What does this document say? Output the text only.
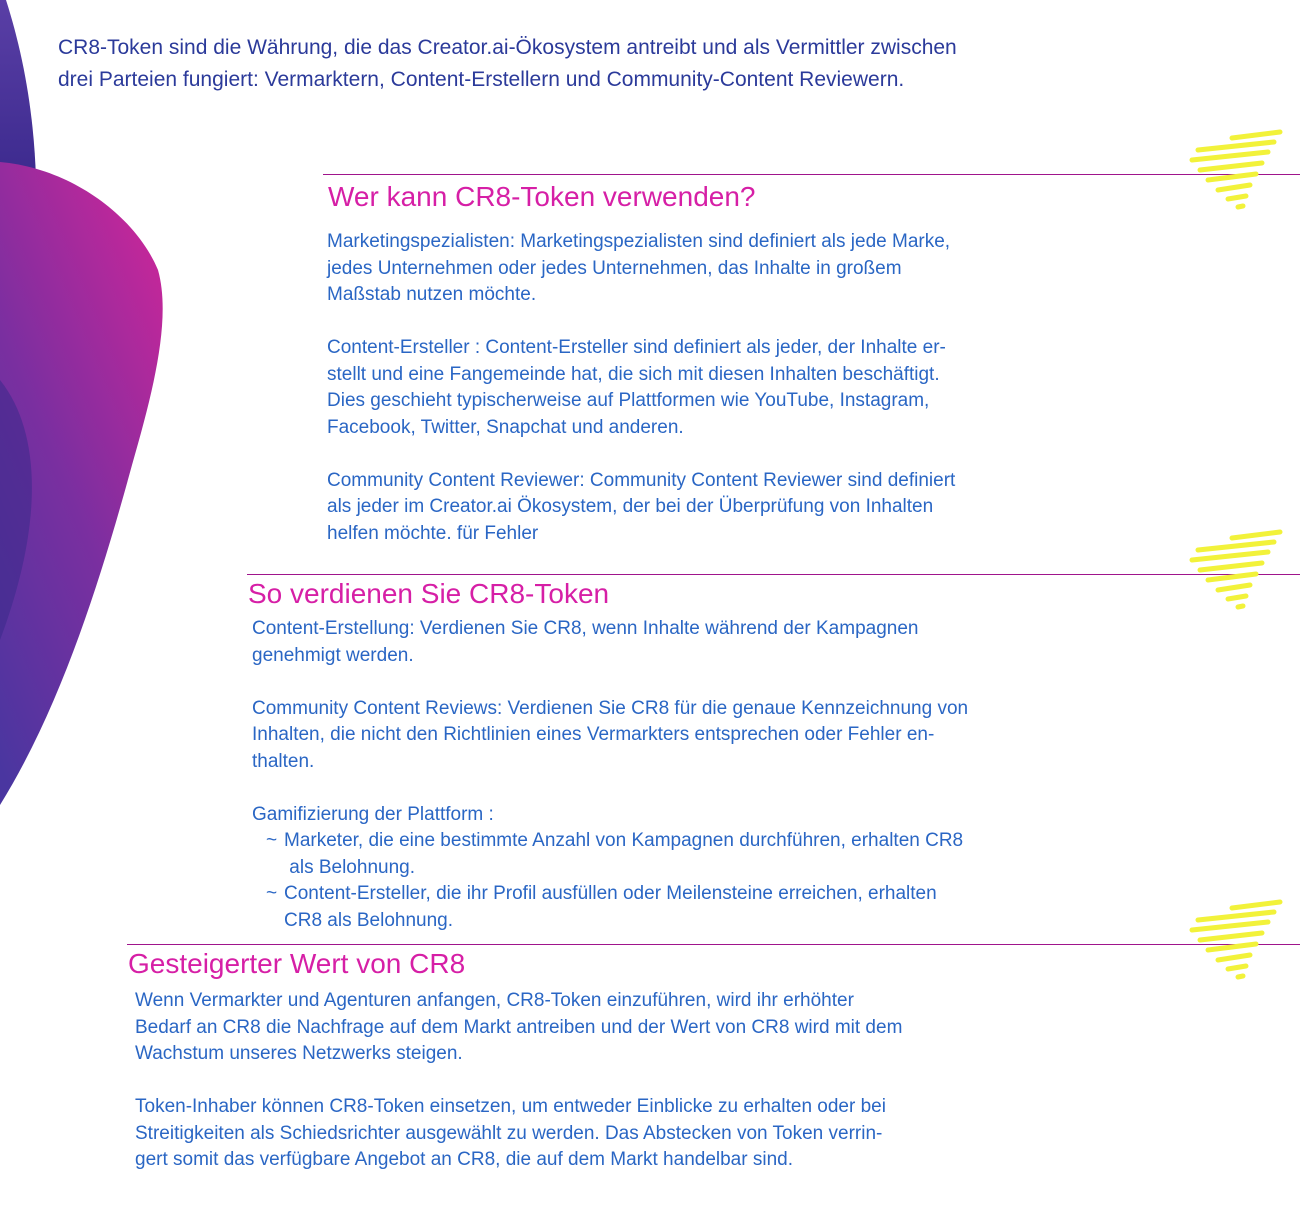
CR8-Token sind die Währung, die das Creator.ai-Ökosystem antreibt und als Vermittler zwischen

drei Parteien fungiert: Vermarktern, Content-Erstellern und Community-Content Reviewern.

Wer kann CR8-Token verwenden?

Marketingspezialisten: Marketingspezialisten sind definiert als jede Marke,
jedes Unternehmen oder jedes Unternehmen, das Inhalte in großem
Maßstab nutzen möchte.

Content-Ersteller : Content-Ersteller sind definiert als jeder, der Inhalte er-
stellt und eine Fangemeinde hat, die sich mit diesen Inhalten beschäftigt.
Dies geschieht typischerweise auf Plattformen wie YouTube, Instagram,
Facebook, Twitter, Snapchat und anderen.

Community Content Reviewer: Community Content Reviewer sind definiert
als jeder im Creator.ai Ökosystem, der bei der Überprüfung von Inhalten
helfen möchte. für Fehler

So verdienen Sie CR8-Token

Content-Erstellung: Verdienen Sie CR8, wenn Inhalte während der Kampagnen
genehmigt werden.

Community Content Reviews: Verdienen Sie CR8 für die genaue Kennzeichnung von
Inhalten, die nicht den Richtlinien eines Vermarkters entsprechen oder Fehler en-
thalten.

Gamifizierung der Plattform :

~ Marketer, die eine bestimmte Anzahl von Kampagnen durchführen, erhalten CR8
als Belohnung.
~ Content-Ersteller, die ihr Profil ausfüllen oder Meilensteine erreichen, erhalten
CR8 als Belohnung.
Gesteigerter Wert von CR8

Wenn Vermarkter und Agenturen anfangen, CR8-Token einzuführen, wird ihr erhöhter
Bedarf an CR8 die Nachfrage auf dem Markt antreiben und der Wert von CR8 wird mit dem
Wachstum unseres Netzwerks steigen.

Token-Inhaber können CR8-Token einsetzen, um entweder Einblicke zu erhalten oder bei
Streitigkeiten als Schiedsrichter ausgewählt zu werden. Das Abstecken von Token verrin-
gert somit das verfügbare Angebot an CR8, die auf dem Markt handelbar sind.
